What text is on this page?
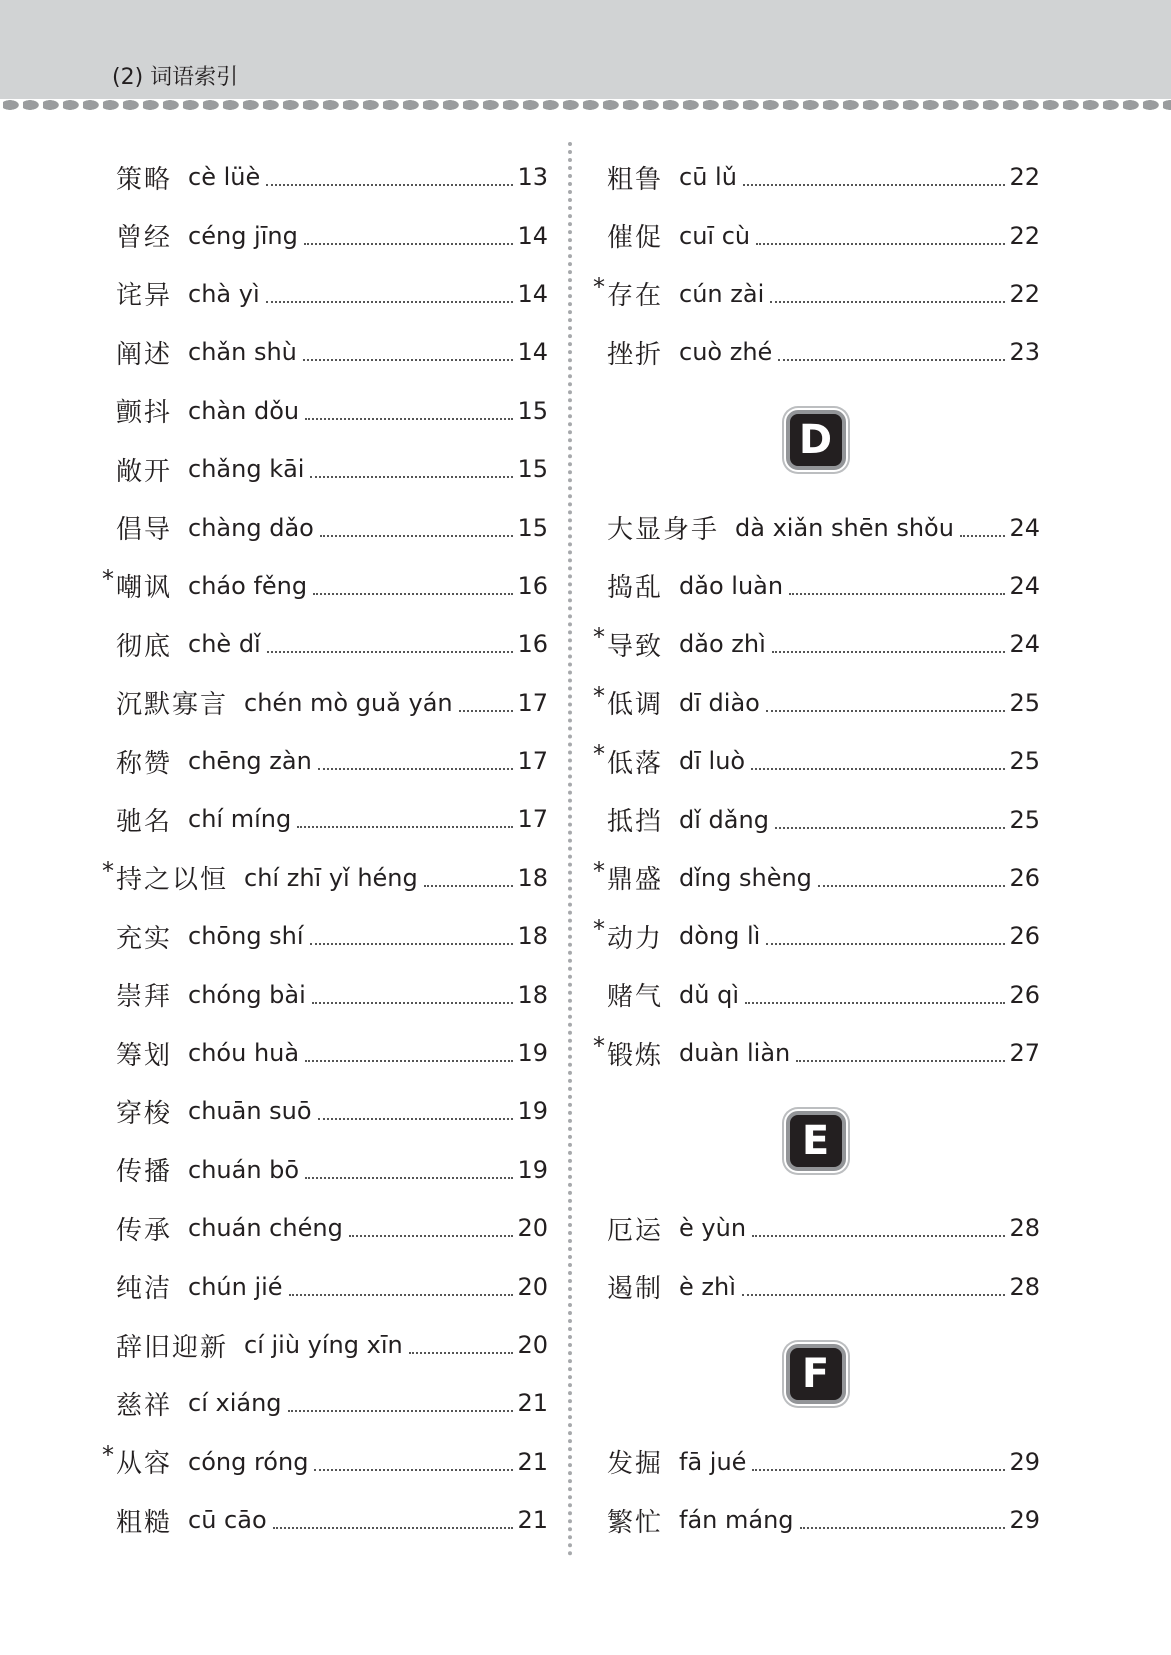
(2) 词语索引
策略 cè lüè	13
曾经 céng jīng	14
诧异 chà yì	14
阐述 chǎn shù	14
颤抖 chàn dǒu	15
敞开 chǎng kāi	15
倡导 chàng dǎo	15
* 嘲讽 cháo fěng	16
彻底 chè dǐ	16
沉默寡言 chén mò guǎ yán	17
称赞 chēng zàn	17
驰名 chí míng	17
* 持之以恒 chí zhī yǐ héng	18
充实 chōng shí	18
崇拜 chóng bài	18
筹划 chóu huà	19
穿梭 chuān suō	19
传播 chuán bō	19
传承 chuán chéng	20
纯洁 chún jié	20
辞旧迎新 cí jiù yíng xīn	20
慈祥 cí xiáng	21
* 从容 cóng róng	21
粗糙 cū cāo	21
粗鲁 cū lǔ	22
催促 cuī cù	22
* 存在 cún zài	22
挫折 cuò zhé	23
D
大显身手 dà xiǎn shēn shǒu 24
捣乱 dǎo luàn	24
* 导致 dǎo zhì	24
* 低调 dī diào	25
* 低落 dī luò	25
抵挡 dǐ dǎng	25
* 鼎盛 dǐng shèng	26
* 动力 dòng lì	26
赌气 dǔ qì	26
* 锻炼 duàn liàn	27
E
厄运 è yùn	28
遏制 è zhì	28
F
发掘 fā jué	29
繁忙 fán máng	29
